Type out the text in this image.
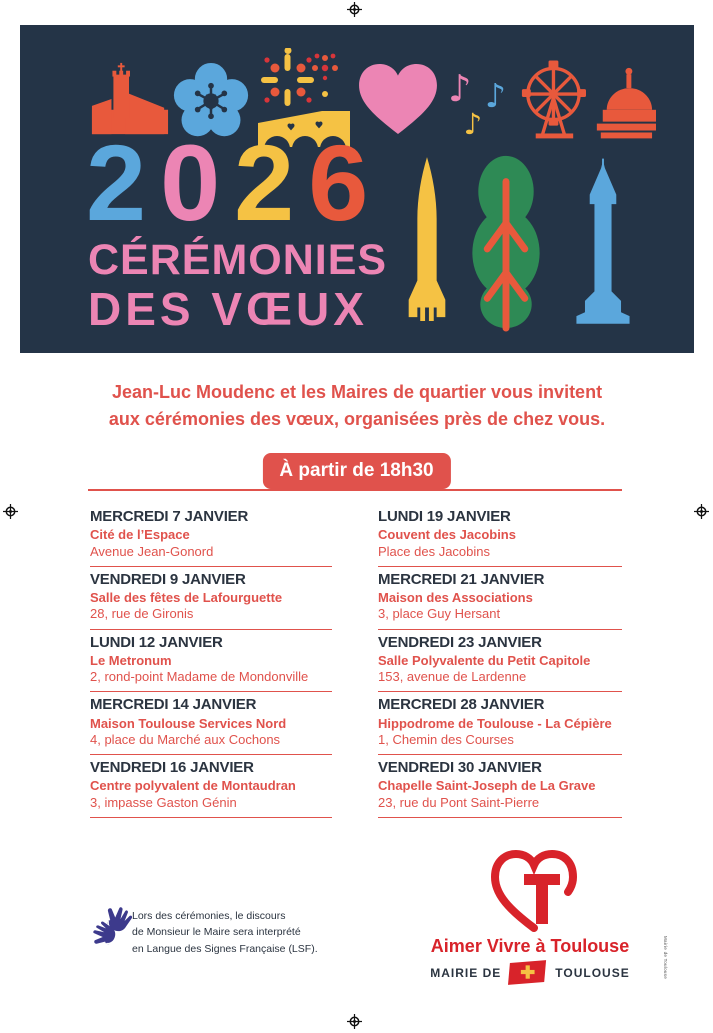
♪
♪
♪
2026
CÉRÉMONIES
DES VŒUX
Jean-Luc Moudenc et les Maires de quartier vous invitent
aux cérémonies des vœux, organisées près de chez vous.
À partir de 18h30
MERCREDI 7 JANVIER
Cité de l’Espace
Avenue Jean-Gonord
VENDREDI 9 JANVIER
Salle des fêtes de Lafourguette
28, rue de Gironis
LUNDI 12 JANVIER
Le Metronum
2, rond-point Madame de Mondonville
MERCREDI 14 JANVIER
Maison Toulouse Services Nord
4, place du Marché aux Cochons
VENDREDI 16 JANVIER
Centre polyvalent de Montaudran
3, impasse Gaston Génin
LUNDI 19 JANVIER
Couvent des Jacobins
Place des Jacobins
MERCREDI 21 JANVIER
Maison des Associations
3, place Guy Hersant
VENDREDI 23 JANVIER
Salle Polyvalente du Petit Capitole
153, avenue de Lardenne
MERCREDI 28 JANVIER
Hippodrome de Toulouse - La Cépière
1, Chemin des Courses
VENDREDI 30 JANVIER
Chapelle Saint-Joseph de La Grave
23, rue du Pont Saint-Pierre
Lors des cérémonies, le discours
de Monsieur le Maire sera interprété
en Langue des Signes Française (LSF).	Aimer Vivre à Toulouse
MAIRIE DE	TOULOUSE	Mairie de Toulouse
